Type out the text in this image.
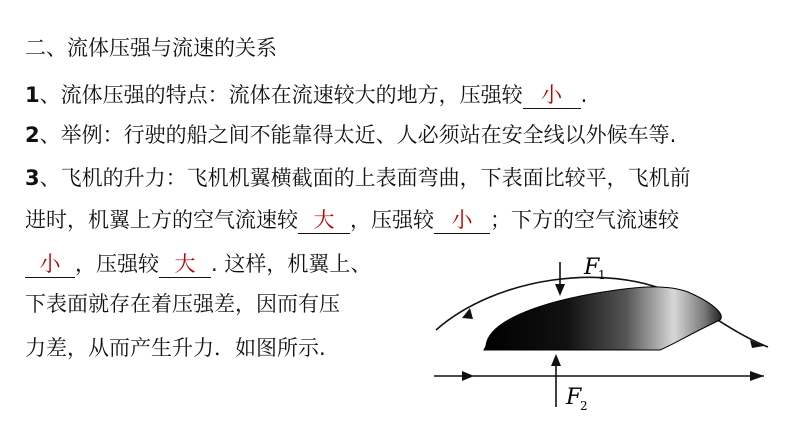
二、流体压强与流速的关系
1、流体压强的特点：流体在流速较大的地方，压强较 小 .
2、举例：行驶的船之间不能靠得太近、人必须站在安全线以外候车等.
3、飞机的升力：飞机机翼横截面的上表面弯曲，下表面比较平，飞机前
进时，机翼上方的空气流速较 大 ，压强较 小 ；下方的空气流速较
小 ，压强较 大 . 这样，机翼上、
下表面就存在着压强差，因而有压
力差，从而产生升力．如图所示.
F
1
F
2
